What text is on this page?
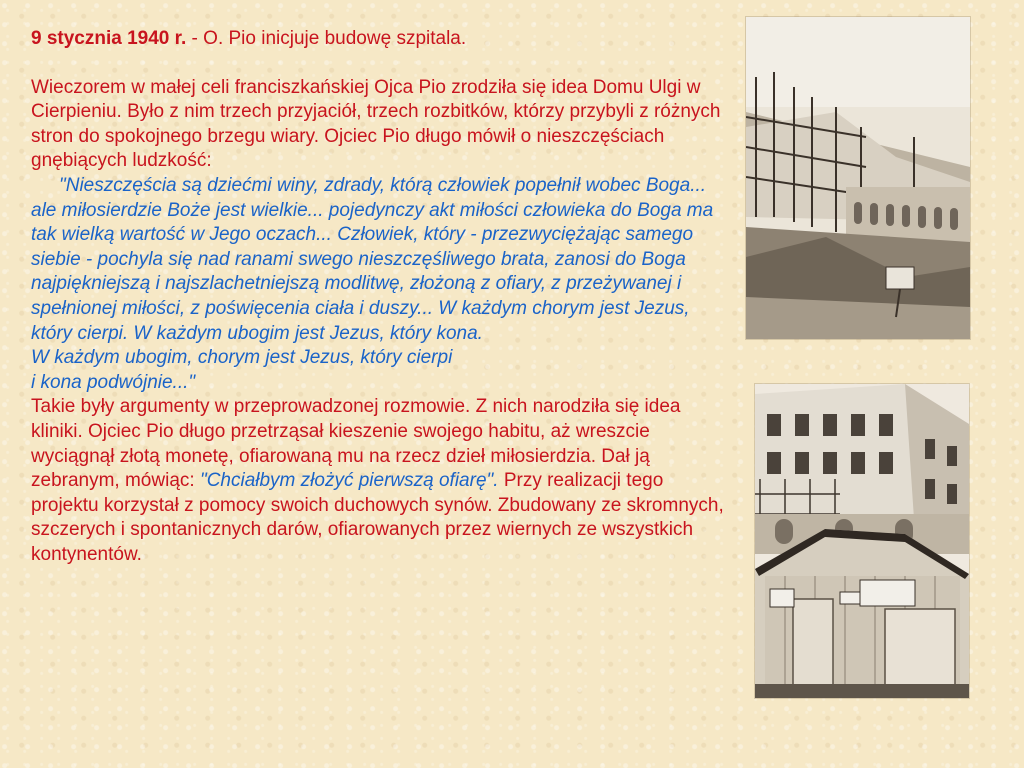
9 stycznia 1940 r. - O. Pio inicjuje budowę szpitala.

Wieczorem w małej celi franciszkańskiej Ojca Pio zrodziła się idea Domu Ulgi w Cierpieniu. Było z nim trzech przyjaciół, trzech rozbitków, którzy przybyli z różnych stron do spokojnego brzegu wiary. Ojciec Pio długo mówił o nieszczęściach gnębiących ludzkość:
"Nieszczęścia są dziećmi winy, zdrady, którą człowiek popełnił wobec Boga... ale miłosierdzie Boże jest wielkie... pojedynczy akt miłości człowieka do Boga ma tak wielką wartość w Jego oczach... Człowiek, który - przezwyciężając samego siebie - pochyla się nad ranami swego nieszczęśliwego brata, zanosi do Boga najpiękniejszą i najszlachetniejszą modlitwę, złożoną z ofiary, z przeżywanej i spełnionej miłości, z poświęcenia ciała i duszy... W każdym chorym jest Jezus, który cierpi. W każdym ubogim jest Jezus, który kona.
W każdym ubogim, chorym jest Jezus, który cierpi
i kona podwójnie..."
Takie były argumenty w przeprowadzonej rozmowie. Z nich narodziła się idea kliniki. Ojciec Pio długo przetrząsał kieszenie swojego habitu, aż wreszcie wyciągnął złotą monetę, ofiarowaną mu na rzecz dzieł miłosierdzia. Dał ją zebranym, mówiąc: "Chciałbym złożyć pierwszą ofiarę". Przy realizacji tego projektu korzystał z pomocy swoich duchowych synów. Zbudowany ze skromnych, szczerych i spontanicznych darów, ofiarowanych przez wiernych ze wszystkich kontynentów.
